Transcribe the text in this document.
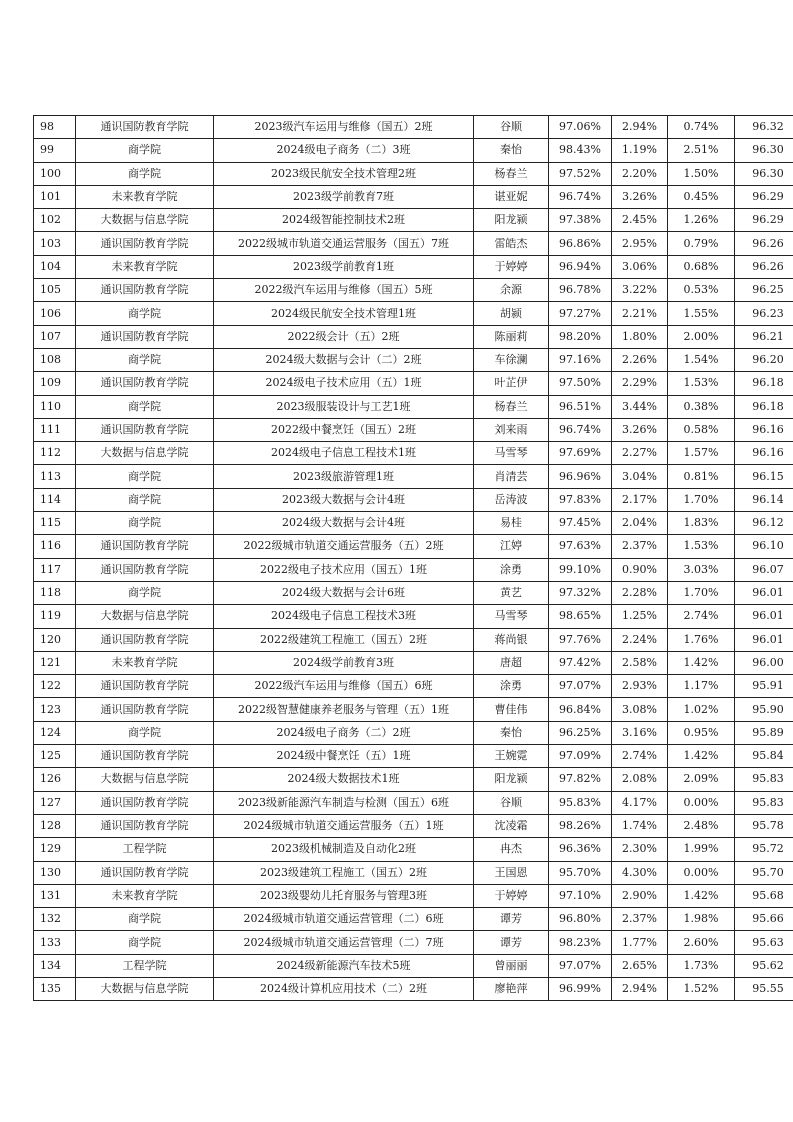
98	通识国防教育学院	2023级汽车运用与维修（国五）2班	谷顺	97.06%	2.94%	0.74%	96.32
99	商学院	2024级电子商务（二）3班	秦怡	98.43%	1.19%	2.51%	96.30
100	商学院	2023级民航安全技术管理2班	杨春兰	97.52%	2.20%	1.50%	96.30
101	未来教育学院	2023级学前教育7班	谌亚妮	96.74%	3.26%	0.45%	96.29
102	大数据与信息学院	2024级智能控制技术2班	阳龙颍	97.38%	2.45%	1.26%	96.29
103	通识国防教育学院	2022级城市轨道交通运营服务（国五）7班	雷皓杰	96.86%	2.95%	0.79%	96.26
104	未来教育学院	2023级学前教育1班	于婷婷	96.94%	3.06%	0.68%	96.26
105	通识国防教育学院	2022级汽车运用与维修（国五）5班	余源	96.78%	3.22%	0.53%	96.25
106	商学院	2024级民航安全技术管理1班	胡颍	97.27%	2.21%	1.55%	96.23
107	通识国防教育学院	2022级会计（五）2班	陈丽莉	98.20%	1.80%	2.00%	96.21
108	商学院	2024级大数据与会计（二）2班	车徐澜	97.16%	2.26%	1.54%	96.20
109	通识国防教育学院	2024级电子技术应用（五）1班	叶芷伊	97.50%	2.29%	1.53%	96.18
110	商学院	2023级服装设计与工艺1班	杨春兰	96.51%	3.44%	0.38%	96.18
111	通识国防教育学院	2022级中餐烹饪（国五）2班	刘来雨	96.74%	3.26%	0.58%	96.16
112	大数据与信息学院	2024级电子信息工程技术1班	马雪琴	97.69%	2.27%	1.57%	96.16
113	商学院	2023级旅游管理1班	肖清芸	96.96%	3.04%	0.81%	96.15
114	商学院	2023级大数据与会计4班	岳涛波	97.83%	2.17%	1.70%	96.14
115	商学院	2024级大数据与会计4班	易桂	97.45%	2.04%	1.83%	96.12
116	通识国防教育学院	2022级城市轨道交通运营服务（五）2班	江婷	97.63%	2.37%	1.53%	96.10
117	通识国防教育学院	2022级电子技术应用（国五）1班	涂勇	99.10%	0.90%	3.03%	96.07
118	商学院	2024级大数据与会计6班	黄艺	97.32%	2.28%	1.70%	96.01
119	大数据与信息学院	2024级电子信息工程技术3班	马雪琴	98.65%	1.25%	2.74%	96.01
120	通识国防教育学院	2022级建筑工程施工（国五）2班	蒋尚银	97.76%	2.24%	1.76%	96.01
121	未来教育学院	2024级学前教育3班	唐超	97.42%	2.58%	1.42%	96.00
122	通识国防教育学院	2022级汽车运用与维修（国五）6班	涂勇	97.07%	2.93%	1.17%	95.91
123	通识国防教育学院	2022级智慧健康养老服务与管理（五）1班	曹佳伟	96.84%	3.08%	1.02%	95.90
124	商学院	2024级电子商务（二）2班	秦怡	96.25%	3.16%	0.95%	95.89
125	通识国防教育学院	2024级中餐烹饪（五）1班	王婉霓	97.09%	2.74%	1.42%	95.84
126	大数据与信息学院	2024级大数据技术1班	阳龙颍	97.82%	2.08%	2.09%	95.83
127	通识国防教育学院	2023级新能源汽车制造与检测（国五）6班	谷顺	95.83%	4.17%	0.00%	95.83
128	通识国防教育学院	2024级城市轨道交通运营服务（五）1班	沈凌霜	98.26%	1.74%	2.48%	95.78
129	工程学院	2023级机械制造及自动化2班	冉杰	96.36%	2.30%	1.99%	95.72
130	通识国防教育学院	2023级建筑工程施工（国五）2班	王国恩	95.70%	4.30%	0.00%	95.70
131	未来教育学院	2023级婴幼儿托育服务与管理3班	于婷婷	97.10%	2.90%	1.42%	95.68
132	商学院	2024级城市轨道交通运营管理（二）6班	谭芳	96.80%	2.37%	1.98%	95.66
133	商学院	2024级城市轨道交通运营管理（二）7班	谭芳	98.23%	1.77%	2.60%	95.63
134	工程学院	2024级新能源汽车技术5班	曾丽丽	97.07%	2.65%	1.73%	95.62
135	大数据与信息学院	2024级计算机应用技术（二）2班	廖艳萍	96.99%	2.94%	1.52%	95.55
